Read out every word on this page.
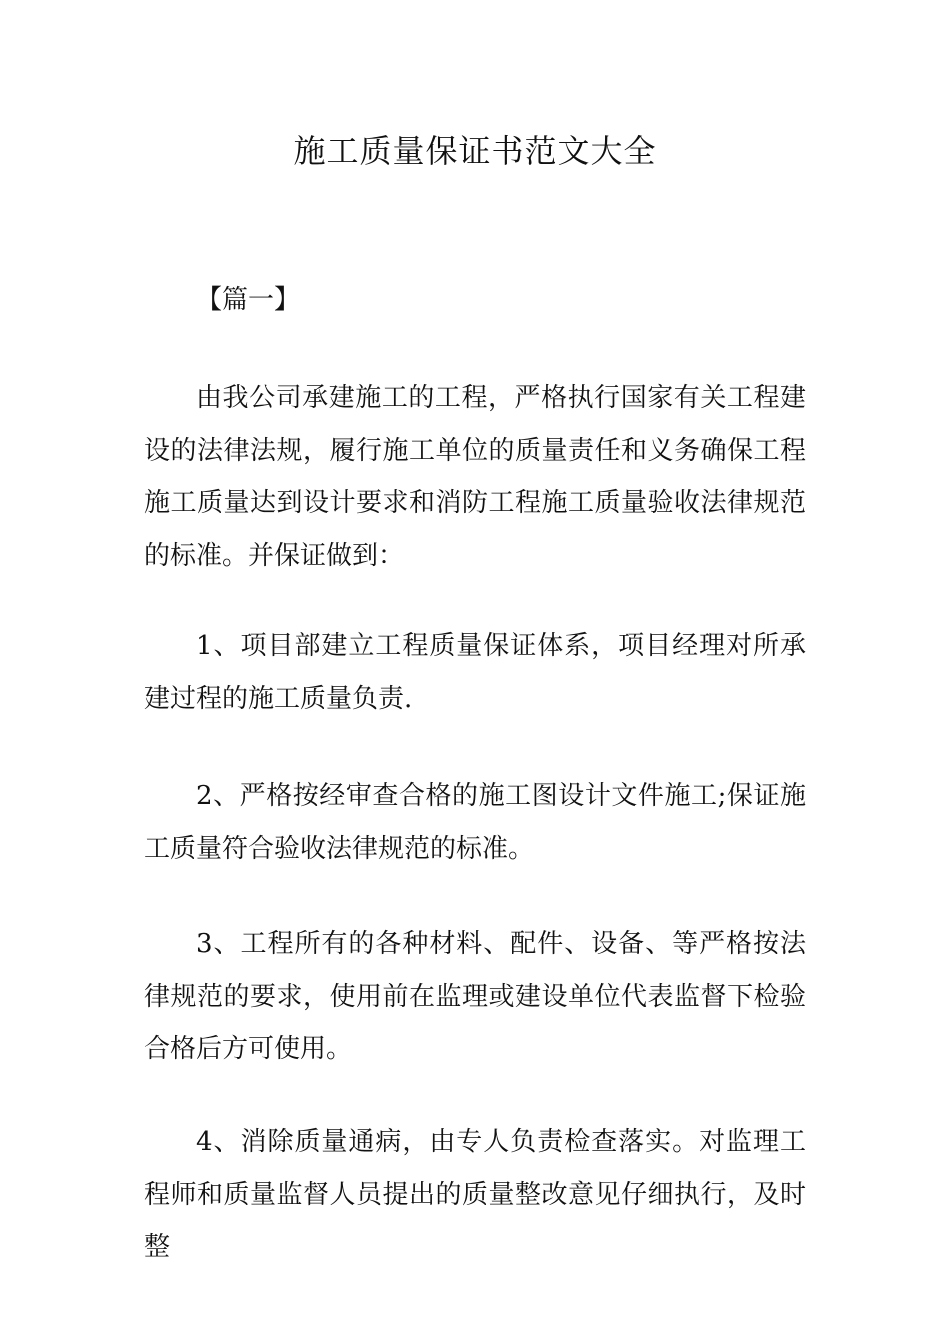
施工质量保证书范文大全

【篇一】

由我公司承建施工的工程，严格执行国家有关工程建设的法律法规，履行施工单位的质量责任和义务确保工程施工质量达到设计要求和消防工程施工质量验收法律规范的标准。并保证做到：

1、项目部建立工程质量保证体系，项目经理对所承建过程的施工质量负责.

2、严格按经审查合格的施工图设计文件施工;保证施工质量符合验收法律规范的标准。

3、工程所有的各种材料、配件、设备、等严格按法律规范的要求，使用前在监理或建设单位代表监督下检验合格后方可使用。

4、消除质量通病，由专人负责检查落实。对监理工程师和质量监督人员提出的质量整改意见仔细执行，及时整
